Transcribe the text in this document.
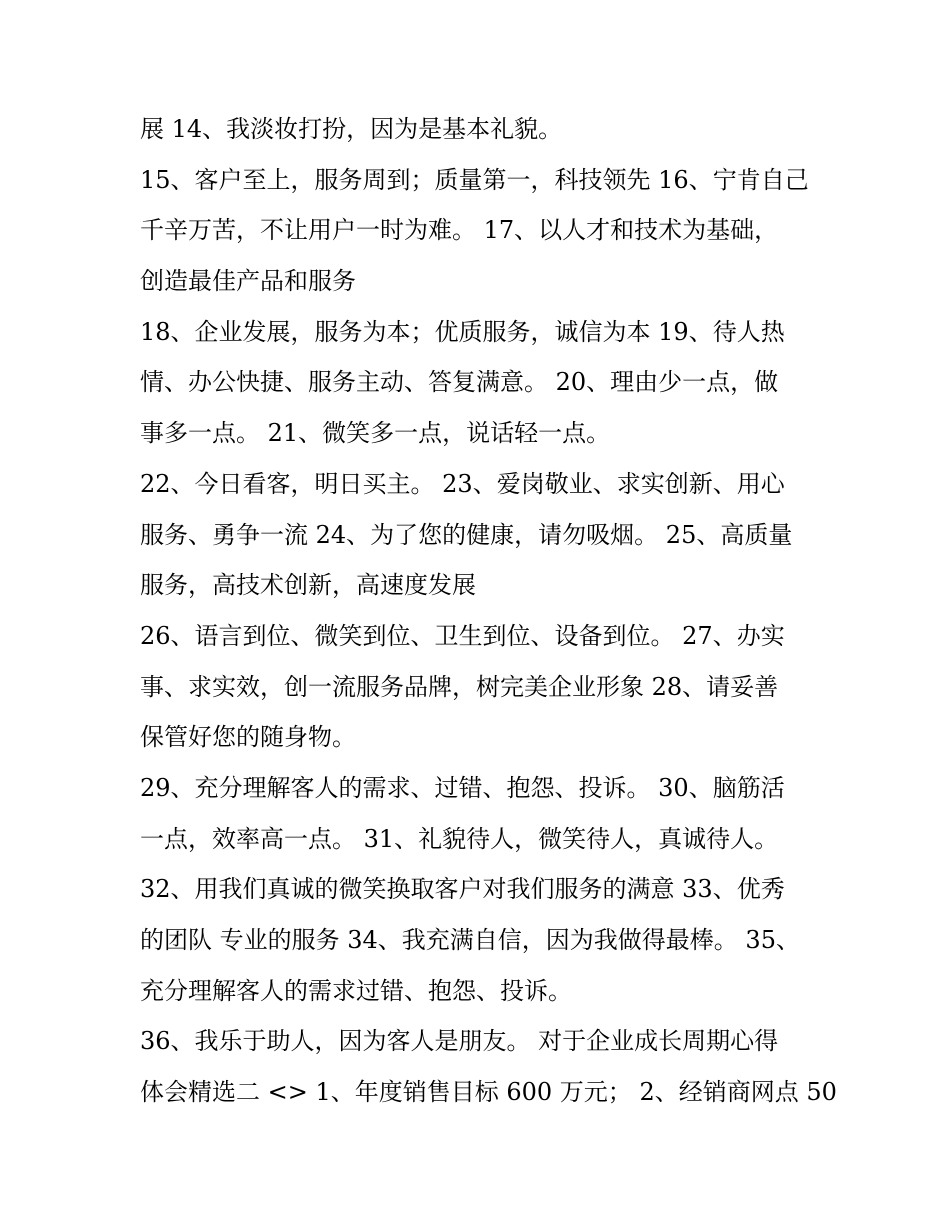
展 14、我淡妆打扮，因为是基本礼貌。
15、客户至上，服务周到；质量第一，科技领先 16、宁肯自己
千辛万苦，不让用户一时为难。 17、以人才和技术为基础，
创造最佳产品和服务
18、企业发展，服务为本；优质服务，诚信为本 19、待人热
情、办公快捷、服务主动、答复满意。 20、理由少一点，做
事多一点。 21、微笑多一点，说话轻一点。
22、今日看客，明日买主。 23、爱岗敬业、求实创新、用心
服务、勇争一流 24、为了您的健康，请勿吸烟。 25、高质量
服务，高技术创新，高速度发展
26、语言到位、微笑到位、卫生到位、设备到位。 27、办实
事、求实效，创一流服务品牌，树完美企业形象 28、请妥善
保管好您的随身物。
29、充分理解客人的需求、过错、抱怨、投诉。 30、脑筋活
一点，效率高一点。 31、礼貌待人，微笑待人，真诚待人。
32、用我们真诚的微笑换取客户对我们服务的满意 33、优秀
的团队 专业的服务 34、我充满自信，因为我做得最棒。 35、
充分理解客人的需求过错、抱怨、投诉。
36、我乐于助人，因为客人是朋友。 对于企业成长周期心得
体会精选二 <> 1、年度销售目标 600 万元； 2、经销商网点 50
